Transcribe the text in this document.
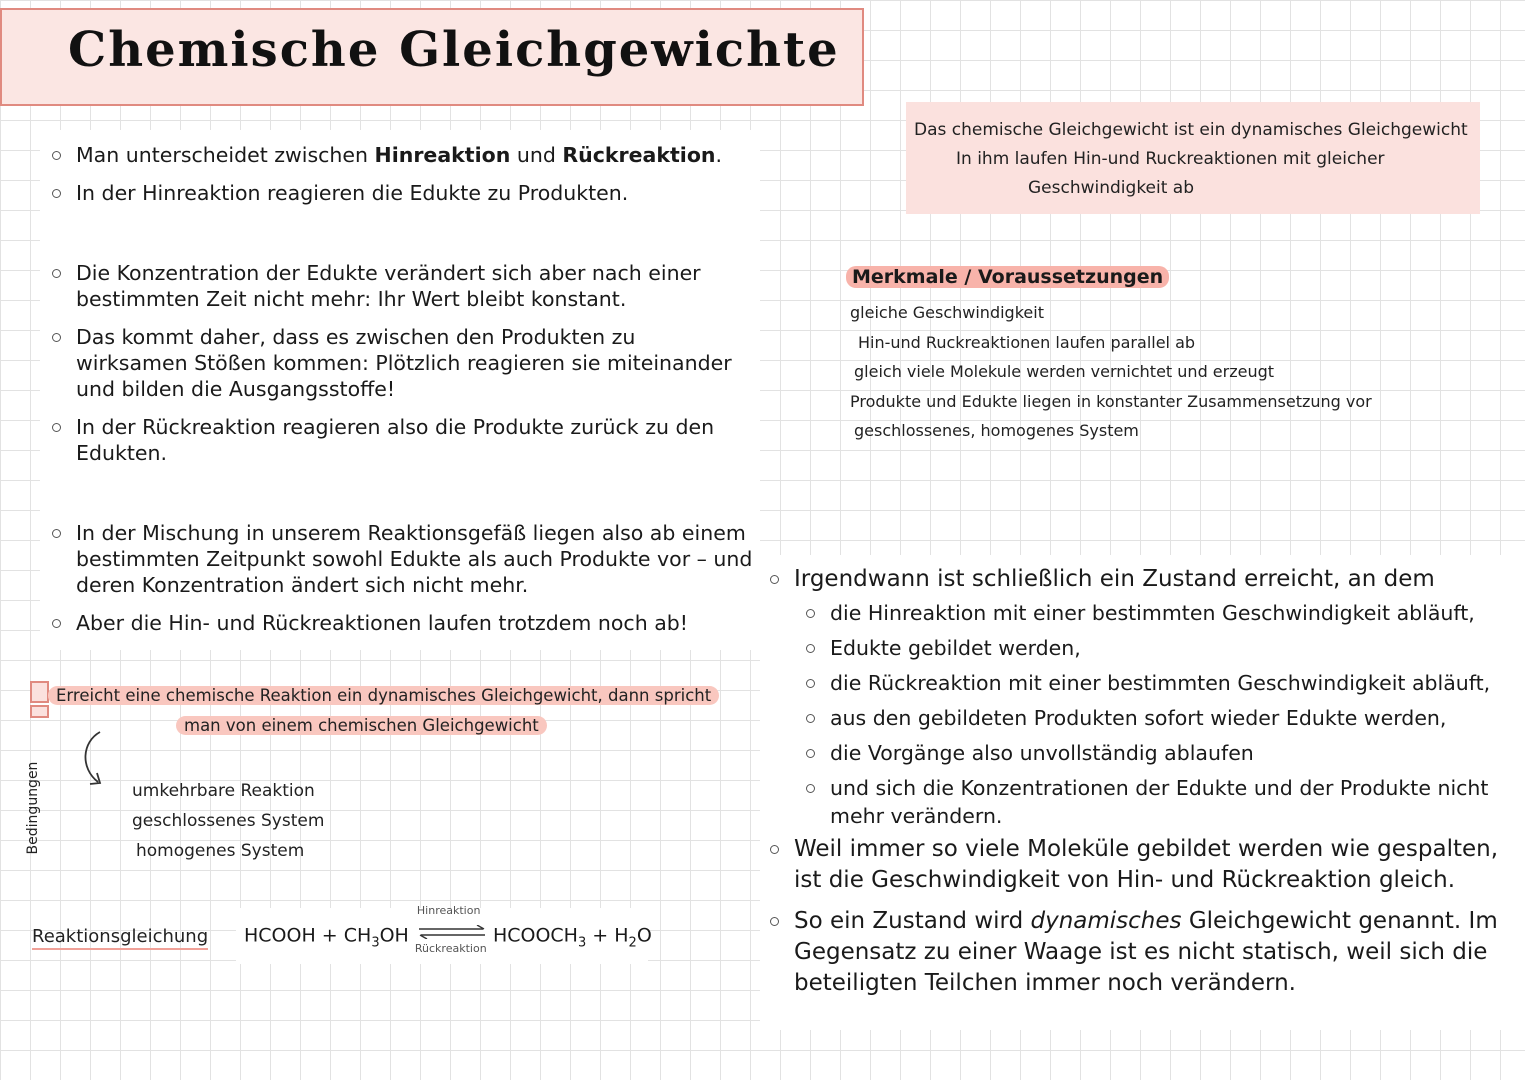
Chemische Gleichgewichte
Man unterscheidet zwischen Hinreaktion und Rückreaktion.
In der Hinreaktion reagieren die Edukte zu Produkten.
Die Konzentration der Edukte verändert sich aber nach einer bestimmten Zeit nicht mehr: Ihr Wert bleibt konstant.
Das kommt daher, dass es zwischen den Produkten zu wirksamen Stößen kommen: Plötzlich reagieren sie miteinander und bilden die Ausgangsstoffe!
In der Rückreaktion reagieren also die Produkte zurück zu den Edukten.
In der Mischung in unserem Reaktionsgefäß liegen also ab einem bestimmten Zeitpunkt sowohl Edukte als auch Produkte vor – und deren Konzentration ändert sich nicht mehr.
Aber die Hin- und Rückreaktionen laufen trotzdem noch ab!
Das chemische Gleichgewicht ist ein dynamisches Gleichgewicht
In ihm laufen Hin-und Ruckreaktionen mit gleicher
Geschwindigkeit ab
Merkmale / Voraussetzungen
gleiche Geschwindigkeit
Hin-und Ruckreaktionen laufen parallel ab
gleich viele Molekule werden vernichtet und erzeugt
Produkte und Edukte liegen in konstanter Zusammensetzung vor
geschlossenes, homogenes System
Erreicht eine chemische Reaktion ein dynamisches Gleichgewicht, dann spricht
man von einem chemischen Gleichgewicht
Bedingungen	umkehrbare Reaktion
geschlossenes System
homogenes System
Reaktionsgleichung HCOOH + $CH_3OH$
Hinreaktion
Rückreaktion
$HCOOCH_3 + H_2O$
Irgendwann ist schließlich ein Zustand erreicht, an dem
die Hinreaktion mit einer bestimmten Geschwindigkeit abläuft,
Edukte gebildet werden,
die Rückreaktion mit einer bestimmten Geschwindigkeit abläuft,
aus den gebildeten Produkten sofort wieder Edukte werden,
die Vorgänge also unvollständig ablaufen
und sich die Konzentrationen der Edukte und der Produkte nicht mehr verändern.
Weil immer so viele Moleküle gebildet werden wie gespalten, ist die Geschwindigkeit von Hin- und Rückreaktion gleich.
So ein Zustand wird dynamisches Gleichgewicht genannt. Im Gegensatz zu einer Waage ist es nicht statisch, weil sich die beteiligten Teilchen immer noch verändern.
